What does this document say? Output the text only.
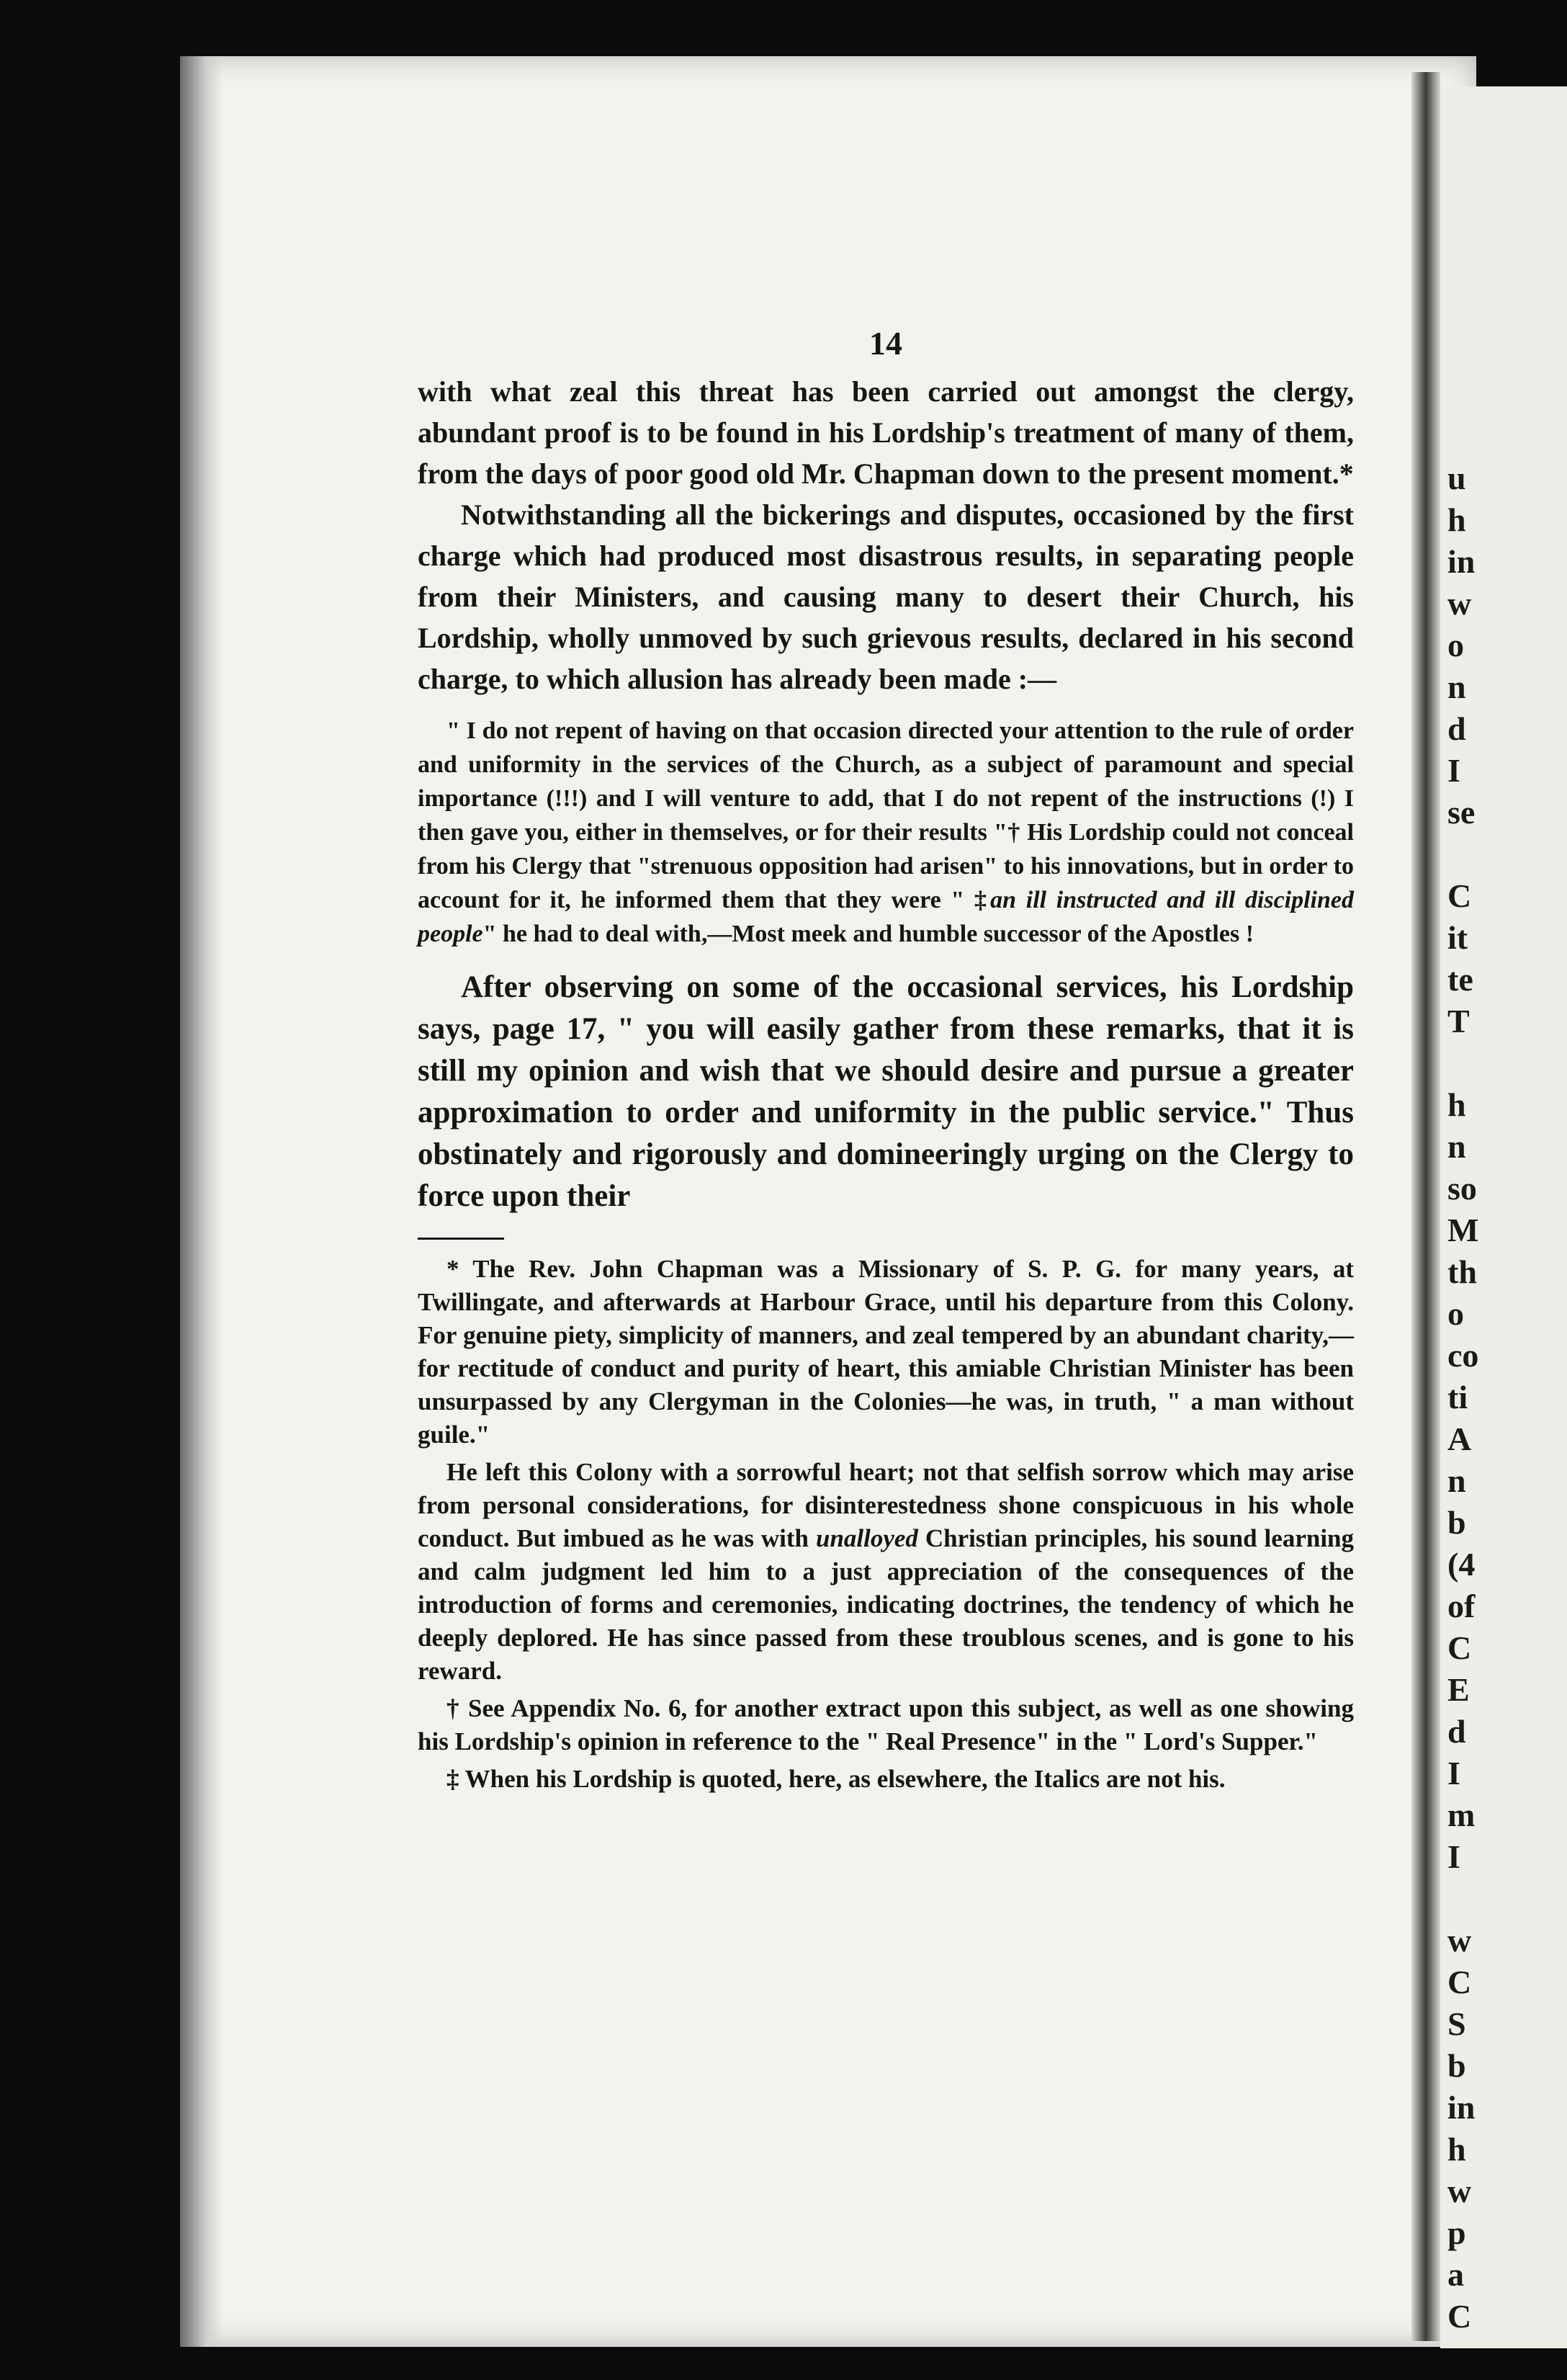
u
h
in
w
o
n
d
I
se

C
it
te
T

h
n
so
M
th
o
co
ti
A
n
b
(4
of
C
E
d
I
m
I

w
C
S
b
in
h
w
p
a
C
14

with what zeal this threat has been carried out amongst the clergy, abundant proof is to be found in his Lordship's treatment of many of them, from the days of poor good old Mr. Chapman down to the present moment.*

Notwithstanding all the bickerings and disputes, occasioned by the first charge which had produced most disastrous results, in separating people from their Ministers, and causing many to desert their Church, his Lordship, wholly unmoved by such grievous results, declared in his second charge, to which allusion has already been made :—

" I do not repent of having on that occasion directed your attention to the rule of order and uniformity in the services of the Church, as a subject of paramount and special importance (!!!) and I will venture to add, that I do not repent of the instructions (!) I then gave you, either in themselves, or for their results "† His Lordship could not conceal from his Clergy that "strenuous opposition had arisen" to his innovations, but in order to account for it, he informed them that they were " ‡an ill instructed and ill disciplined people" he had to deal with,—Most meek and humble successor of the Apostles !

After observing on some of the occasional services, his Lordship says, page 17, " you will easily gather from these remarks, that it is still my opinion and wish that we should desire and pursue a greater approximation to order and uniformity in the public service." Thus obstinately and rigorously and domineeringly urging on the Clergy to force upon their

* The Rev. John Chapman was a Missionary of S. P. G. for many years, at Twillingate, and afterwards at Harbour Grace, until his departure from this Colony. For genuine piety, simplicity of manners, and zeal tempered by an abundant charity,—for rectitude of conduct and purity of heart, this amiable Christian Minister has been unsurpassed by any Clergyman in the Colonies—he was, in truth, " a man without guile."

He left this Colony with a sorrowful heart; not that selfish sorrow which may arise from personal considerations, for disinterestedness shone conspicuous in his whole conduct. But imbued as he was with unalloyed Christian principles, his sound learning and calm judgment led him to a just appreciation of the consequences of the introduction of forms and ceremonies, indicating doctrines, the tendency of which he deeply deplored. He has since passed from these troublous scenes, and is gone to his reward.

† See Appendix No. 6, for another extract upon this subject, as well as one showing his Lordship's opinion in reference to the " Real Presence" in the " Lord's Supper."

‡ When his Lordship is quoted, here, as elsewhere, the Italics are not his.
